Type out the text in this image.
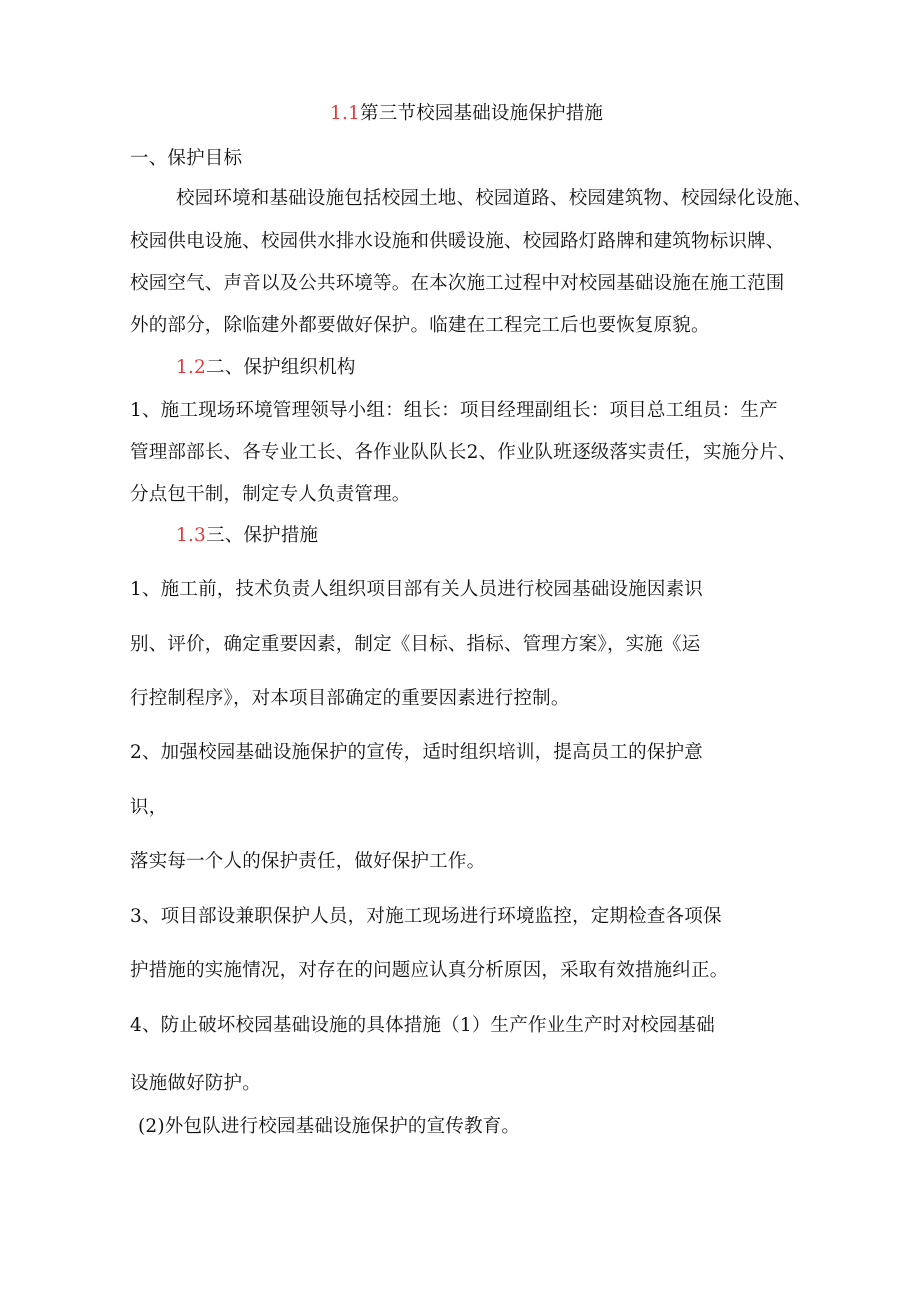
1.1第三节校园基础设施保护措施
一、保护目标
校园环境和基础设施包括校园土地、校园道路、校园建筑物、校园绿化设施、
校园供电设施、校园供水排水设施和供暖设施、校园路灯路牌和建筑物标识牌、
校园空气、声音以及公共环境等。在本次施工过程中对校园基础设施在施工范围
外的部分，除临建外都要做好保护。临建在工程完工后也要恢复原貌。
1.2二、保护组织机构
1、施工现场环境管理领导小组：组长：项目经理副组长：项目总工组员：生产
管理部部长、各专业工长、各作业队队长2、作业队班逐级落实责任，实施分片、
分点包干制，制定专人负责管理。
1.3三、保护措施
1、施工前，技术负责人组织项目部有关人员进行校园基础设施因素识
别、评价，确定重要因素，制定《目标、指标、管理方案》，实施《运
行控制程序》，对本项目部确定的重要因素进行控制。
2、加强校园基础设施保护的宣传，适时组织培训，提高员工的保护意
识，
落实每一个人的保护责任，做好保护工作。
3、项目部设兼职保护人员，对施工现场进行环境监控，定期检查各项保
护措施的实施情况，对存在的问题应认真分析原因，采取有效措施纠正。
4、防止破坏校园基础设施的具体措施（1）生产作业生产时对校园基础
设施做好防护。
(2)外包队进行校园基础设施保护的宣传教育。
